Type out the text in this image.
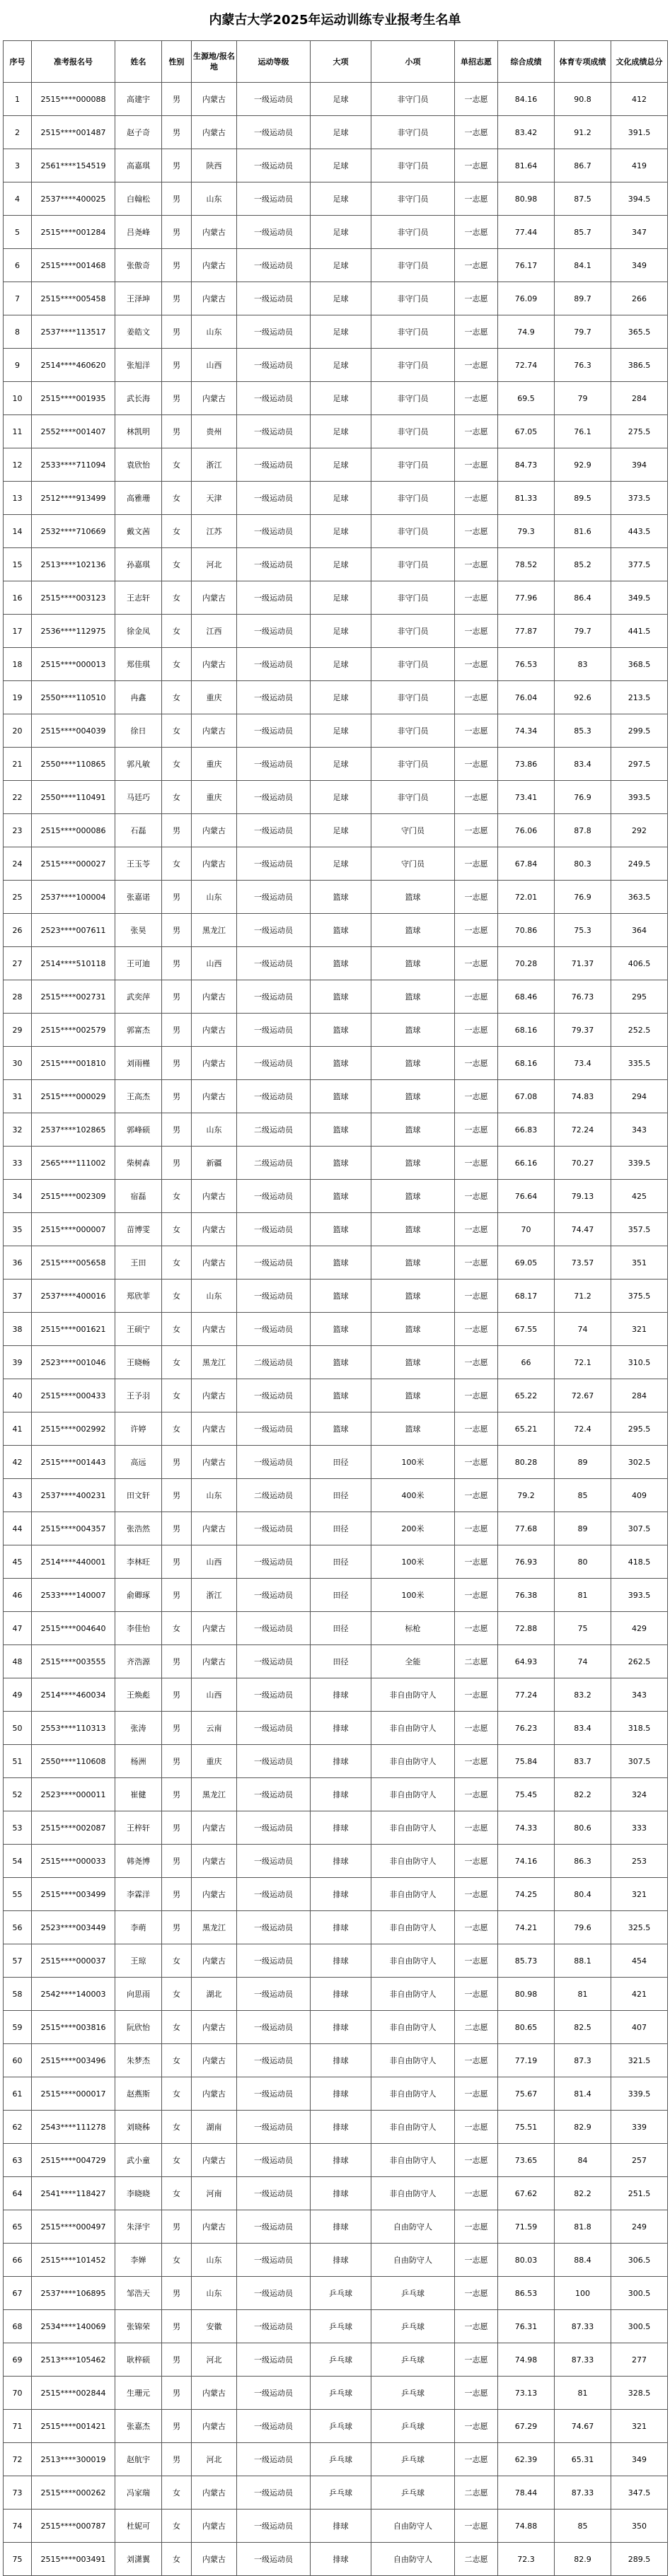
内蒙古大学2025年运动训练专业报考生名单
序号	准考报名号	姓名	性别	生源地/报名地	运动等级	大项	小项	单招志愿	综合成绩	体育专项成绩	文化成绩总分
1	2515****000088	高建宇	男	内蒙古	一级运动员	足球	非守门员	一志愿	84.16	90.8	412
2	2515****001487	赵子奇	男	内蒙古	一级运动员	足球	非守门员	一志愿	83.42	91.2	391.5
3	2561****154519	高嘉琪	男	陕西	一级运动员	足球	非守门员	一志愿	81.64	86.7	419
4	2537****400025	白翰松	男	山东	一级运动员	足球	非守门员	一志愿	80.98	87.5	394.5
5	2515****001284	吕尧峰	男	内蒙古	一级运动员	足球	非守门员	一志愿	77.44	85.7	347
6	2515****001468	张傲奇	男	内蒙古	一级运动员	足球	非守门员	一志愿	76.17	84.1	349
7	2515****005458	王泽坤	男	内蒙古	一级运动员	足球	非守门员	一志愿	76.09	89.7	266
8	2537****113517	姜皓文	男	山东	一级运动员	足球	非守门员	一志愿	74.9	79.7	365.5
9	2514****460620	张旭洋	男	山西	一级运动员	足球	非守门员	一志愿	72.74	76.3	386.5
10	2515****001935	武长海	男	内蒙古	一级运动员	足球	非守门员	一志愿	69.5	79	284
11	2552****001407	林凯明	男	贵州	一级运动员	足球	非守门员	一志愿	67.05	76.1	275.5
12	2533****711094	袁欣怡	女	浙江	一级运动员	足球	非守门员	一志愿	84.73	92.9	394
13	2512****913499	高雅珊	女	天津	一级运动员	足球	非守门员	一志愿	81.33	89.5	373.5
14	2532****710669	戴文茜	女	江苏	一级运动员	足球	非守门员	一志愿	79.3	81.6	443.5
15	2513****102136	孙嘉琪	女	河北	一级运动员	足球	非守门员	一志愿	78.52	85.2	377.5
16	2515****003123	王志轩	女	内蒙古	一级运动员	足球	非守门员	一志愿	77.96	86.4	349.5
17	2536****112975	徐金凤	女	江西	一级运动员	足球	非守门员	一志愿	77.87	79.7	441.5
18	2515****000013	郑佳琪	女	内蒙古	一级运动员	足球	非守门员	一志愿	76.53	83	368.5
19	2550****110510	冉鑫	女	重庆	一级运动员	足球	非守门员	一志愿	76.04	92.6	213.5
20	2515****004039	徐日	女	内蒙古	一级运动员	足球	非守门员	一志愿	74.34	85.3	299.5
21	2550****110865	郭凡敏	女	重庆	一级运动员	足球	非守门员	一志愿	73.86	83.4	297.5
22	2550****110491	马廷巧	女	重庆	一级运动员	足球	非守门员	一志愿	73.41	76.9	393.5
23	2515****000086	石磊	男	内蒙古	一级运动员	足球	守门员	一志愿	76.06	87.8	292
24	2515****000027	王玉苓	女	内蒙古	一级运动员	足球	守门员	一志愿	67.84	80.3	249.5
25	2537****100004	张嘉诺	男	山东	一级运动员	篮球	篮球	一志愿	72.01	76.9	363.5
26	2523****007611	张昊	男	黑龙江	一级运动员	篮球	篮球	一志愿	70.86	75.3	364
27	2514****510118	王可迪	男	山西	一级运动员	篮球	篮球	一志愿	70.28	71.37	406.5
28	2515****002731	武奕萍	男	内蒙古	一级运动员	篮球	篮球	一志愿	68.46	76.73	295
29	2515****002579	郭富杰	男	内蒙古	一级运动员	篮球	篮球	一志愿	68.16	79.37	252.5
30	2515****001810	刘雨槿	男	内蒙古	一级运动员	篮球	篮球	一志愿	68.16	73.4	335.5
31	2515****000029	王高杰	男	内蒙古	一级运动员	篮球	篮球	一志愿	67.08	74.83	294
32	2537****102865	郭峰硕	男	山东	二级运动员	篮球	篮球	一志愿	66.83	72.24	343
33	2565****111002	柴树森	男	新疆	二级运动员	篮球	篮球	一志愿	66.16	70.27	339.5
34	2515****002309	宿磊	女	内蒙古	一级运动员	篮球	篮球	一志愿	76.64	79.13	425
35	2515****000007	苗博雯	女	内蒙古	一级运动员	篮球	篮球	一志愿	70	74.47	357.5
36	2515****005658	王田	女	内蒙古	一级运动员	篮球	篮球	一志愿	69.05	73.57	351
37	2537****400016	郑欣菲	女	山东	一级运动员	篮球	篮球	一志愿	68.17	71.2	375.5
38	2515****001621	王硕宁	女	内蒙古	一级运动员	篮球	篮球	一志愿	67.55	74	321
39	2523****001046	王晓畅	女	黑龙江	二级运动员	篮球	篮球	一志愿	66	72.1	310.5
40	2515****000433	王予羽	女	内蒙古	一级运动员	篮球	篮球	一志愿	65.22	72.67	284
41	2515****002992	许婷	女	内蒙古	一级运动员	篮球	篮球	一志愿	65.21	72.4	295.5
42	2515****001443	高远	男	内蒙古	一级运动员	田径	100米	一志愿	80.28	89	302.5
43	2537****400231	田文轩	男	山东	二级运动员	田径	400米	一志愿	79.2	85	409
44	2515****004357	张浩然	男	内蒙古	一级运动员	田径	200米	一志愿	77.68	89	307.5
45	2514****440001	李林旺	男	山西	一级运动员	田径	100米	一志愿	76.93	80	418.5
46	2533****140007	俞卿琢	男	浙江	一级运动员	田径	100米	一志愿	76.38	81	393.5
47	2515****004640	李佳怡	女	内蒙古	一级运动员	田径	标枪	一志愿	72.88	75	429
48	2515****003555	齐浩源	男	内蒙古	一级运动员	田径	全能	二志愿	64.93	74	262.5
49	2514****460034	王焕彪	男	山西	一级运动员	排球	非自由防守人	一志愿	77.24	83.2	343
50	2553****110313	张涛	男	云南	一级运动员	排球	非自由防守人	一志愿	76.23	83.4	318.5
51	2550****110608	杨洲	男	重庆	一级运动员	排球	非自由防守人	一志愿	75.84	83.7	307.5
52	2523****000011	崔健	男	黑龙江	一级运动员	排球	非自由防守人	一志愿	75.45	82.2	324
53	2515****002087	王梓轩	男	内蒙古	一级运动员	排球	非自由防守人	一志愿	74.33	80.6	333
54	2515****000033	韩尧博	男	内蒙古	一级运动员	排球	非自由防守人	一志愿	74.16	86.3	253
55	2515****003499	李霖洋	男	内蒙古	一级运动员	排球	非自由防守人	一志愿	74.25	80.4	321
56	2523****003449	李萌	男	黑龙江	一级运动员	排球	非自由防守人	一志愿	74.21	79.6	325.5
57	2515****000037	王琼	女	内蒙古	一级运动员	排球	非自由防守人	一志愿	85.73	88.1	454
58	2542****140003	向思雨	女	湖北	一级运动员	排球	非自由防守人	一志愿	80.98	81	421
59	2515****003816	阮欣怡	女	内蒙古	一级运动员	排球	非自由防守人	二志愿	80.65	82.5	407
60	2515****003496	朱梦杰	女	内蒙古	一级运动员	排球	非自由防守人	一志愿	77.19	87.3	321.5
61	2515****000017	赵燕斯	女	内蒙古	一级运动员	排球	非自由防守人	一志愿	75.67	81.4	339.5
62	2543****111278	刘晓秭	女	湖南	一级运动员	排球	非自由防守人	一志愿	75.51	82.9	339
63	2515****004729	武小童	女	内蒙古	一级运动员	排球	非自由防守人	一志愿	73.65	84	257
64	2541****118427	李晓晓	女	河南	一级运动员	排球	非自由防守人	一志愿	67.62	82.2	251.5
65	2515****000497	朱泽宇	男	内蒙古	一级运动员	排球	自由防守人	一志愿	71.59	81.8	249
66	2515****101452	李婵	女	山东	一级运动员	排球	自由防守人	一志愿	80.03	88.4	306.5
67	2537****106895	邹浩天	男	山东	一级运动员	乒乓球	乒乓球	一志愿	86.53	100	300.5
68	2534****140069	张锦荣	男	安徽	一级运动员	乒乓球	乒乓球	一志愿	76.31	87.33	300.5
69	2513****105462	耿梓硕	男	河北	一级运动员	乒乓球	乒乓球	一志愿	74.98	87.33	277
70	2515****002844	生珊元	男	内蒙古	一级运动员	乒乓球	乒乓球	一志愿	73.13	81	328.5
71	2515****001421	张嘉杰	男	内蒙古	一级运动员	乒乓球	乒乓球	一志愿	67.29	74.67	321
72	2513****300019	赵航宇	男	河北	一级运动员	乒乓球	乒乓球	一志愿	62.39	65.31	349
73	2515****000262	冯家瑞	女	内蒙古	一级运动员	乒乓球	乒乓球	二志愿	78.44	87.33	347.5
74	2515****000787	杜妮可	女	内蒙古	一级运动员	排球	自由防守人	一志愿	74.88	85	350
75	2515****003491	刘潇翼	女	内蒙古	一级运动员	排球	自由防守人	二志愿	72.3	82.9	289.5
